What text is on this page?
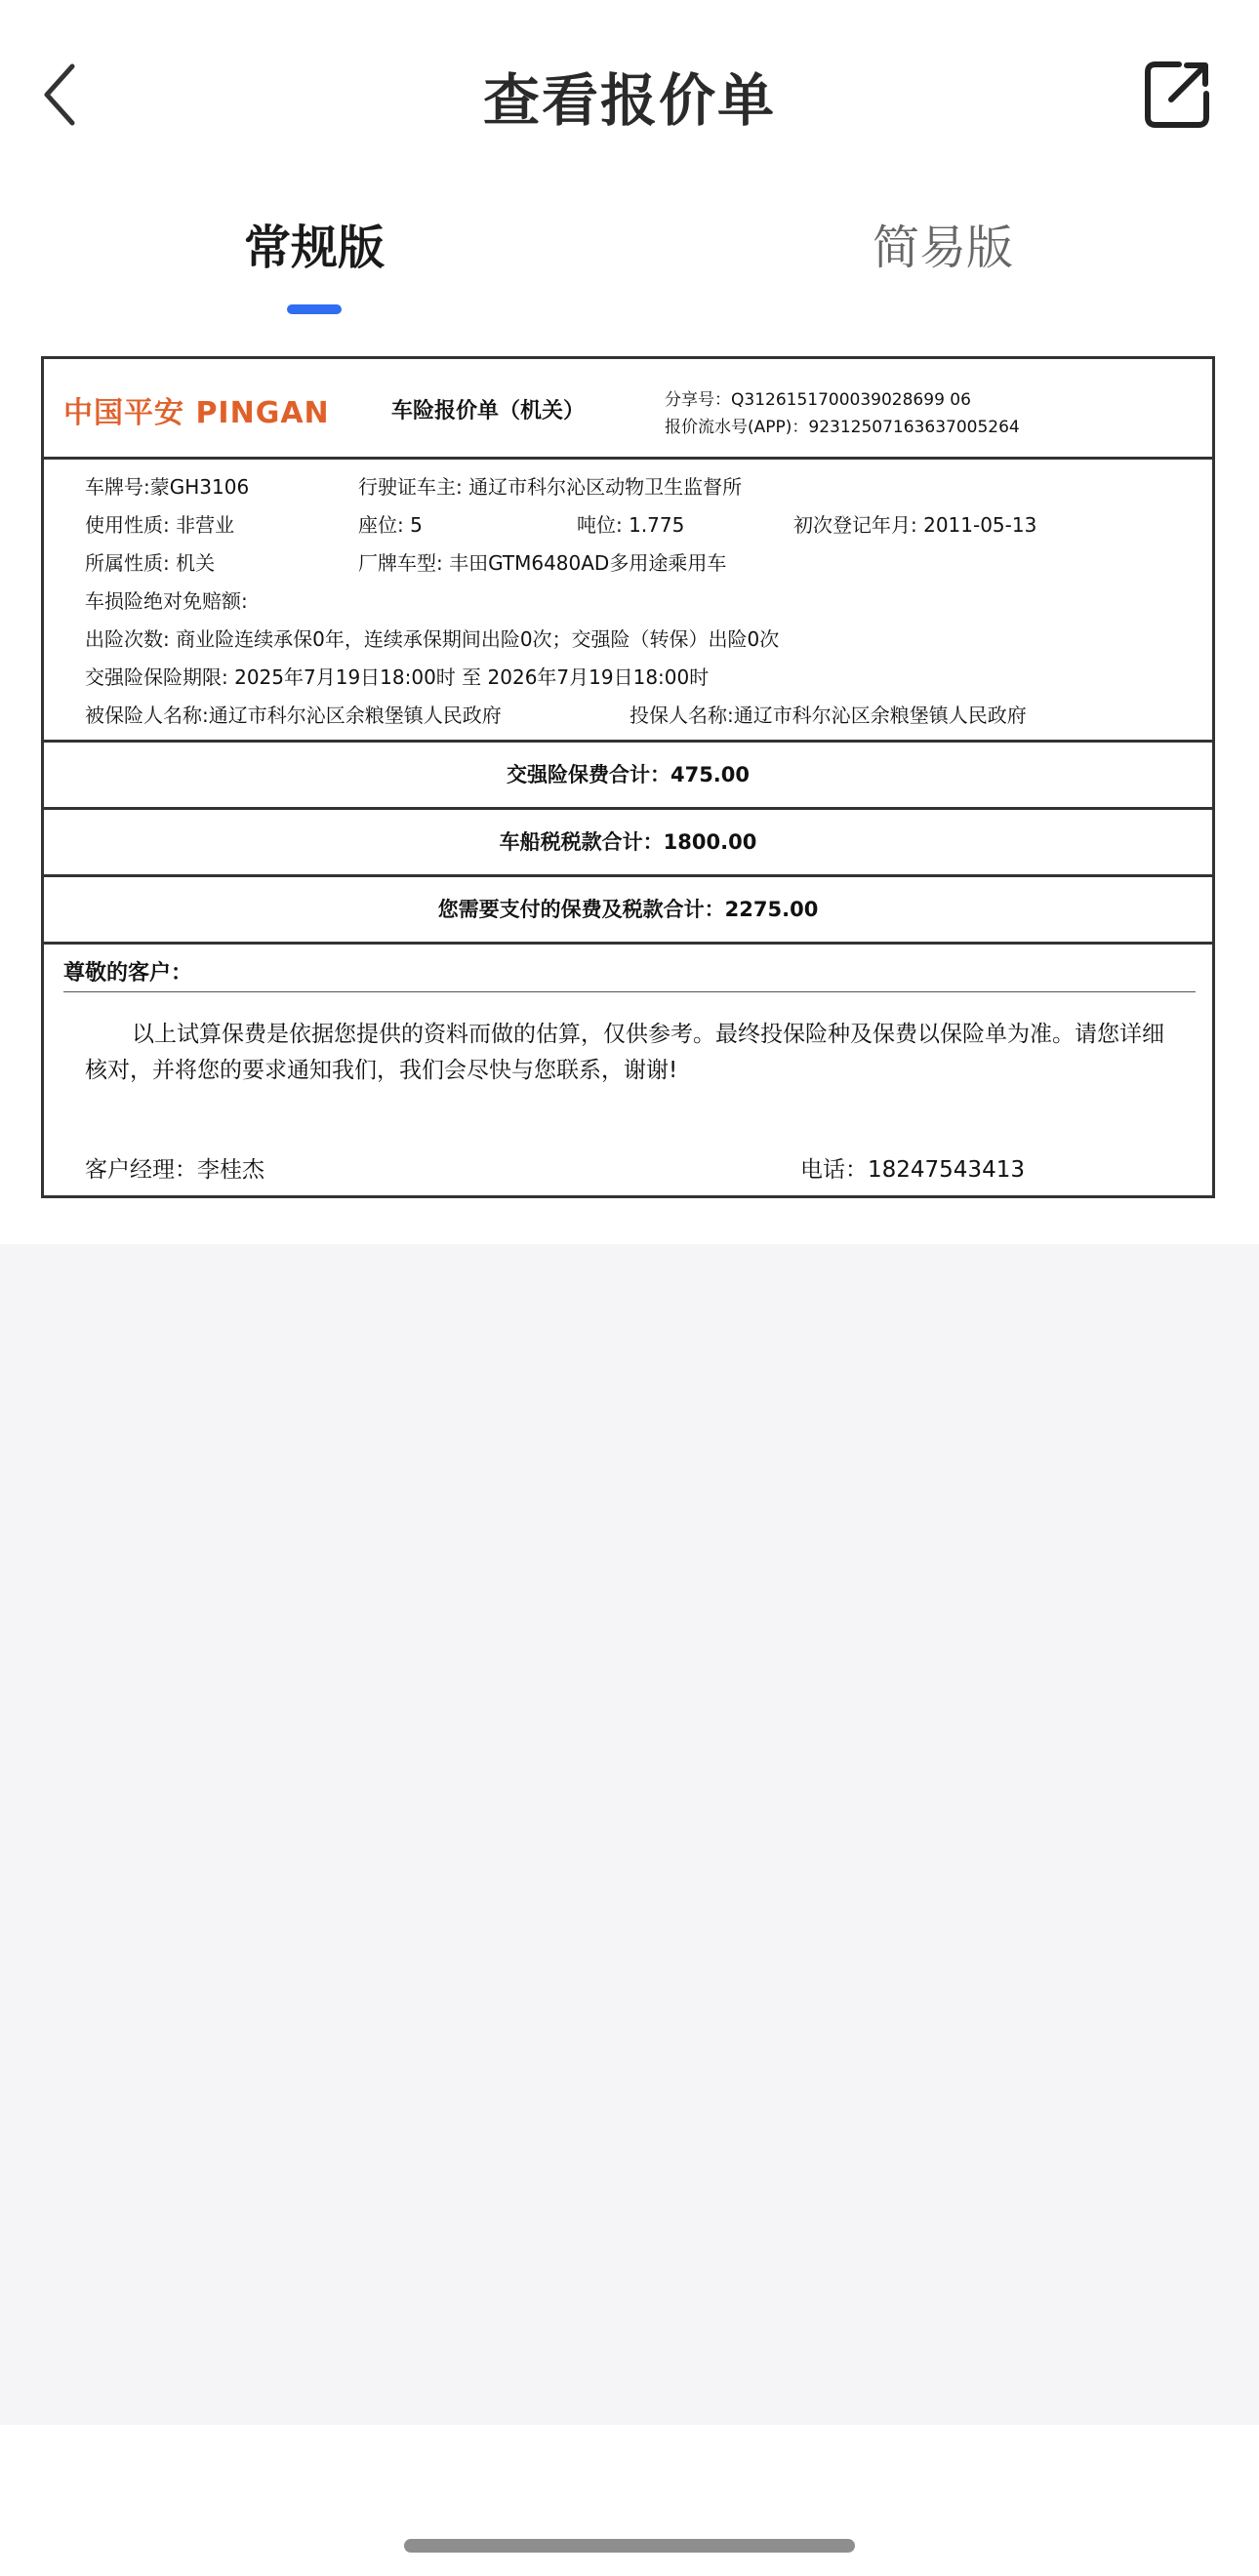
查看报价单
常规版	简易版
中国平安 PINGAN	车险报价单（机关）	分享号：Q3126151700039028699 06
报价流水号(APP)：92312507163637005264
车牌号:蒙GH3106	行驶证车主: 通辽市科尔沁区动物卫生监督所
使用性质: 非营业	座位: 5	吨位: 1.775	初次登记年月: 2011-05-13
所属性质: 机关	厂牌车型: 丰田GTM6480AD多用途乘用车
车损险绝对免赔额:
出险次数: 商业险连续承保0年，连续承保期间出险0次；交强险（转保）出险0次
交强险保险期限: 2025年7月19日18:00时 至 2026年7月19日18:00时
被保险人名称:通辽市科尔沁区余粮堡镇人民政府	投保人名称:通辽市科尔沁区余粮堡镇人民政府
交强险保费合计：475.00
车船税税款合计：1800.00
您需要支付的保费及税款合计：2275.00
尊敬的客户：
以上试算保费是依据您提供的资料而做的估算，仅供参考。最终投保险种及保费以保险单为准。请您详细核对，并将您的要求通知我们，我们会尽快与您联系，谢谢!
客户经理：李桂杰	电话：18247543413
